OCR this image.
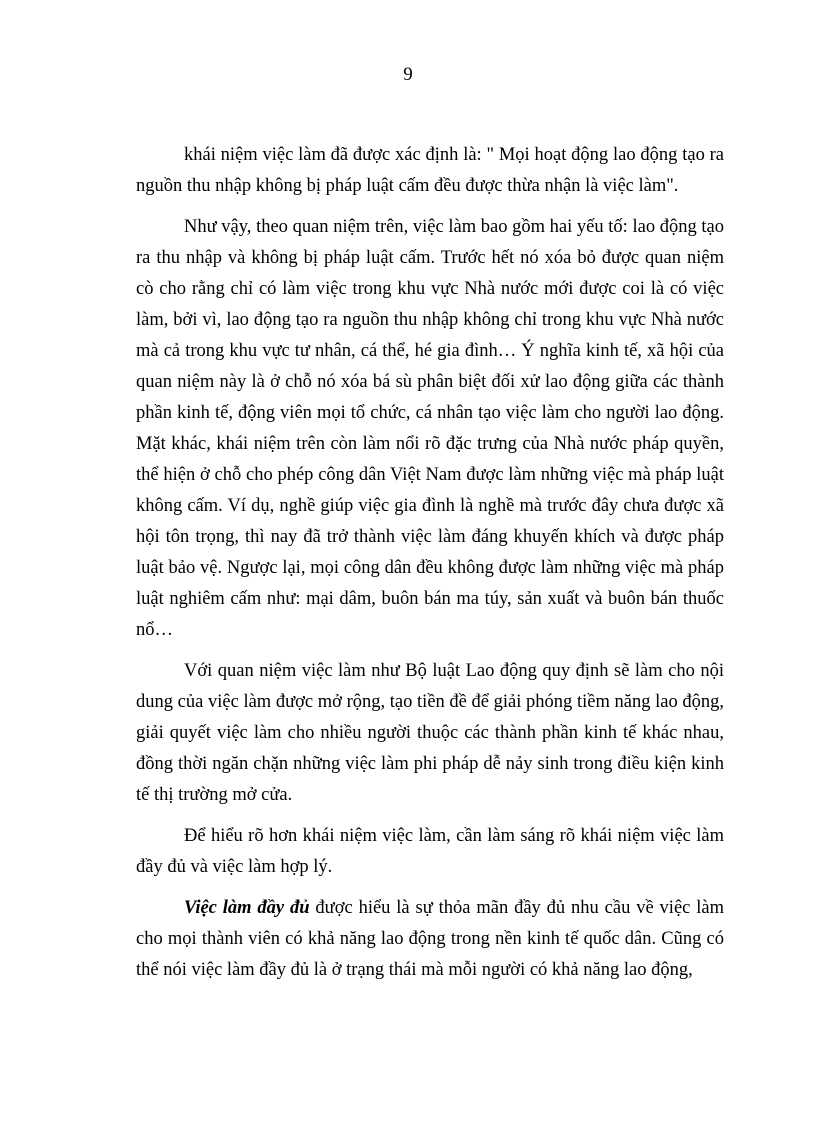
9

khái niệm việc làm đã được xác định là: " Mọi hoạt động lao động tạo ra nguồn thu nhập không bị pháp luật cấm đều được thừa nhận là việc làm".

Như vậy, theo quan niệm trên, việc làm bao gồm hai yếu tố: lao động tạo ra thu nhập và không bị pháp luật cấm. Trước hết nó xóa bỏ được quan niệm cò cho rằng chỉ có làm việc trong khu vực Nhà nước mới được coi là có việc làm, bởi vì, lao động tạo ra nguồn thu nhập không chỉ trong khu vực Nhà nước mà cả trong khu vực tư nhân, cá thể, hé gia đình… Ý nghĩa kinh tế, xã hội của quan niệm này là ở chỗ nó xóa bá sù phân biệt đối xử lao động giữa các thành phần kinh tế, động viên mọi tổ chức, cá nhân tạo việc làm cho người lao động. Mặt khác, khái niệm trên còn làm nổi rõ đặc trưng của Nhà nước pháp quyền, thể hiện ở chỗ cho phép công dân Việt Nam được làm những việc mà pháp luật không cấm. Ví dụ, nghề giúp việc gia đình là nghề mà trước đây chưa được xã hội tôn trọng, thì nay đã trở thành việc làm đáng khuyến khích và được pháp luật bảo vệ. Ngược lại, mọi công dân đều không được làm những việc mà pháp luật nghiêm cấm như: mại dâm, buôn bán ma túy, sản xuất và buôn bán thuốc nổ…

Với quan niệm việc làm như Bộ luật Lao động quy định sẽ làm cho nội dung của việc làm được mở rộng, tạo tiền đề để giải phóng tiềm năng lao động, giải quyết việc làm cho nhiều người thuộc các thành phần kinh tế khác nhau, đồng thời ngăn chặn những việc làm phi pháp dễ nảy sinh trong điều kiện kinh tế thị trường mở cửa.

Để hiểu rõ hơn khái niệm việc làm, cần làm sáng rõ khái niệm việc làm đầy đủ và việc làm hợp lý.

Việc làm đầy đủ được hiểu là sự thỏa mãn đầy đủ nhu cầu về việc làm cho mọi thành viên có khả năng lao động trong nền kinh tế quốc dân. Cũng có thể nói việc làm đầy đủ là ở trạng thái mà mỗi người có khả năng lao động,
